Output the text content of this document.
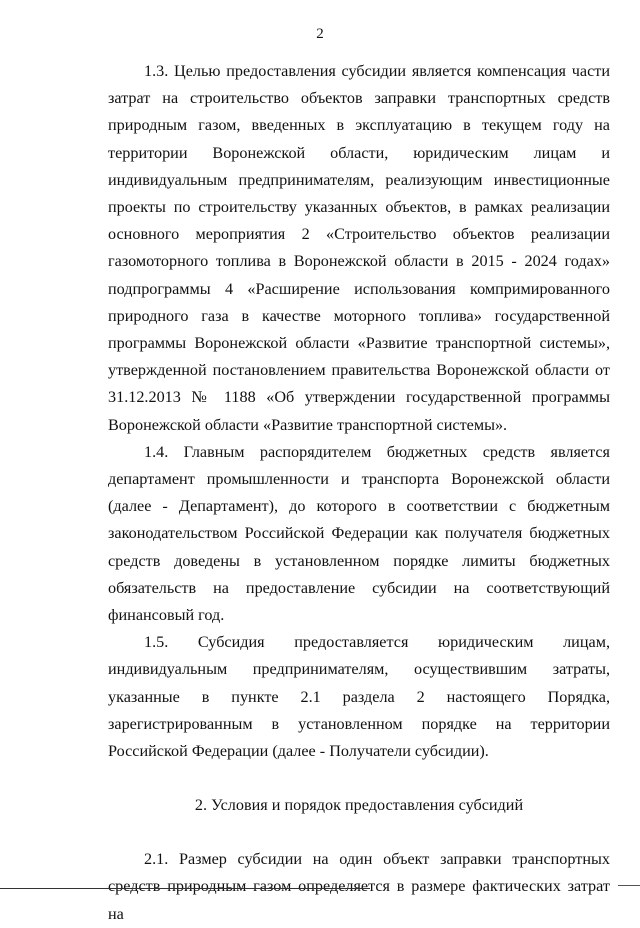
2

1.3. Целью предоставления субсидии является компенсация части затрат на строительство объектов заправки транспортных средств природным газом, введенных в эксплуатацию в текущем году на территории Воронежской области, юридическим лицам и индивидуальным предпринимателям, реализующим инвестиционные проекты по строительству указанных объектов, в рамках реализации основного мероприятия 2 «Строительство объектов реализации газомоторного топлива в Воронежской области в 2015 - 2024 годах» подпрограммы 4 «Расширение использования компримированного природного газа в качестве моторного топлива» государственной программы Воронежской области «Развитие транспортной системы», утвержденной постановлением правительства Воронежской области от 31.12.2013 № 1188 «Об утверждении государственной программы Воронежской области «Развитие транспортной системы».

1.4. Главным распорядителем бюджетных средств является департамент промышленности и транспорта Воронежской области (далее - Департамент), до которого в соответствии с бюджетным законодательством Российской Федерации как получателя бюджетных средств доведены в установленном порядке лимиты бюджетных обязательств на предоставление субсидии на соответствующий финансовый год.

1.5. Субсидия предоставляется юридическим лицам, индивидуальным предпринимателям, осуществившим затраты, указанные в пункте 2.1 раздела 2 настоящего Порядка, зарегистрированным в установленном порядке на территории Российской Федерации (далее - Получатели субсидии).

2. Условия и порядок предоставления субсидий

2.1. Размер субсидии на один объект заправки транспортных средств природным газом определяется в размере фактических затрат на
